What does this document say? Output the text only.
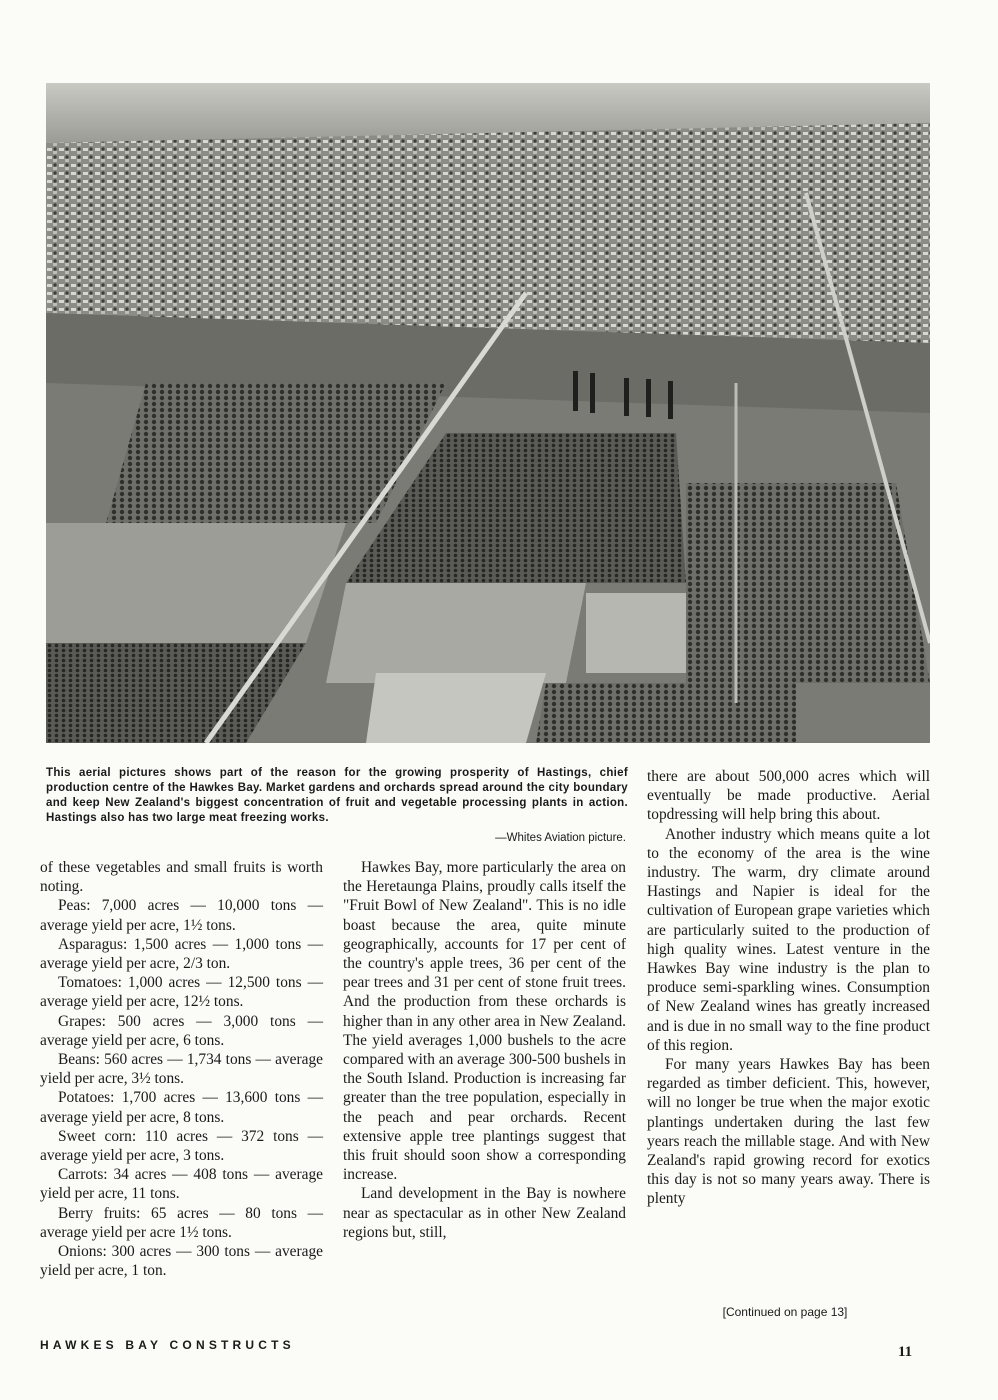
This aerial pictures shows part of the reason for the growing prosperity of Hastings, chief production centre of the Hawkes Bay. Market gardens and orchards spread around the city boundary and keep New Zealand's biggest concentration of fruit and vegetable processing plants in action. Hastings also has two large meat freezing works.
—Whites Aviation picture.

of these vegetables and small fruits is worth noting.

Peas: 7,000 acres — 10,000 tons — average yield per acre, 1½ tons.

Asparagus: 1,500 acres — 1,000 tons — average yield per acre, 2/3 ton.

Tomatoes: 1,000 acres — 12,500 tons — average yield per acre, 12½ tons.

Grapes: 500 acres — 3,000 tons — average yield per acre, 6 tons.

Beans: 560 acres — 1,734 tons — average yield per acre, 3½ tons.

Potatoes: 1,700 acres — 13,600 tons — average yield per acre, 8 tons.

Sweet corn: 110 acres — 372 tons — average yield per acre, 3 tons.

Carrots: 34 acres — 408 tons — average yield per acre, 11 tons.

Berry fruits: 65 acres — 80 tons — average yield per acre 1½ tons.

Onions: 300 acres — 300 tons — average yield per acre, 1 ton.

Hawkes Bay, more particularly the area on the Heretaunga Plains, proudly calls itself the "Fruit Bowl of New Zealand". This is no idle boast because the area, quite minute geographically, accounts for 17 per cent of the country's apple trees, 36 per cent of the pear trees and 31 per cent of stone fruit trees. And the production from these orchards is higher than in any other area in New Zealand. The yield averages 1,000 bushels to the acre compared with an average 300-500 bushels in the South Island. Production is increasing far greater than the tree population, especially in the peach and pear orchards. Recent extensive apple tree plantings suggest that this fruit should soon show a corresponding increase.

Land development in the Bay is nowhere near as spectacular as in other New Zealand regions but, still,

there are about 500,000 acres which will eventually be made productive. Aerial topdressing will help bring this about.

Another industry which means quite a lot to the economy of the area is the wine industry. The warm, dry climate around Hastings and Napier is ideal for the cultivation of European grape varieties which are particularly suited to the production of high quality wines. Latest venture in the Hawkes Bay wine industry is the plan to produce semi-sparkling wines. Consumption of New Zealand wines has greatly increased and is due in no small way to the fine product of this region.

For many years Hawkes Bay has been regarded as timber deficient. This, however, will no longer be true when the major exotic plantings undertaken during the last few years reach the millable stage. And with New Zealand's rapid growing record for exotics this day is not so many years away. There is plenty

[Continued on page 13]
HAWKES BAY CONSTRUCTS	11
